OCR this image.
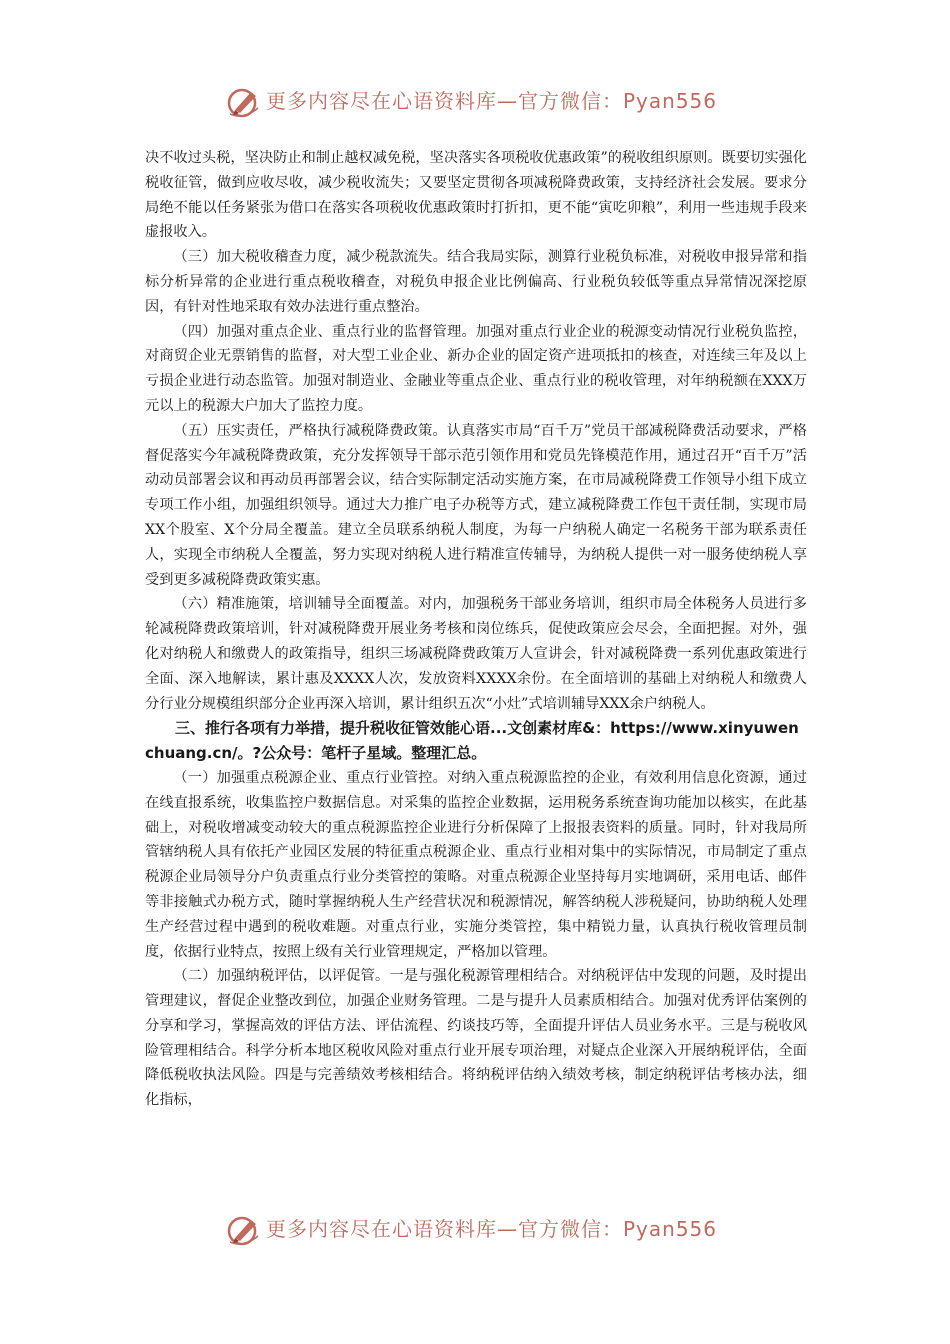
更多内容尽在心语资料库—官方微信：Pyan556

决不收过头税，坚决防止和制止越权减免税，坚决落实各项税收优惠政策”的税收组织原则。既要切实强化税收征管，做到应收尽收，减少税收流失；又要坚定贯彻各项减税降费政策，支持经济社会发展。要求分局绝不能以任务紧张为借口在落实各项税收优惠政策时打折扣，更不能“寅吃卯粮”，利用一些违规手段来虚报收入。

（三）加大税收稽查力度，减少税款流失。结合我局实际，测算行业税负标准，对税收申报异常和指标分析异常的企业进行重点税收稽查，对税负申报企业比例偏高、行业税负较低等重点异常情况深挖原因，有针对性地采取有效办法进行重点整治。

（四）加强对重点企业、重点行业的监督管理。加强对重点行业企业的税源变动情况行业税负监控，对商贸企业无票销售的监督，对大型工业企业、新办企业的固定资产进项抵扣的核查，对连续三年及以上亏损企业进行动态监管。加强对制造业、金融业等重点企业、重点行业的税收管理，对年纳税额在XXX万元以上的税源大户加大了监控力度。

（五）压实责任，严格执行减税降费政策。认真落实市局“百千万”党员干部减税降费活动要求，严格督促落实今年减税降费政策，充分发挥领导干部示范引领作用和党员先锋模范作用，通过召开“百千万”活动动员部署会议和再动员再部署会议，结合实际制定活动实施方案，在市局减税降费工作领导小组下成立专项工作小组，加强组织领导。通过大力推广电子办税等方式，建立减税降费工作包干责任制，实现市局XX个股室、X个分局全覆盖。建立全员联系纳税人制度，为每一户纳税人确定一名税务干部为联系责任人，实现全市纳税人全覆盖，努力实现对纳税人进行精准宣传辅导，为纳税人提供一对一服务使纳税人享受到更多减税降费政策实惠。

（六）精准施策，培训辅导全面覆盖。对内，加强税务干部业务培训，组织市局全体税务人员进行多轮减税降费政策培训，针对减税降费开展业务考核和岗位练兵，促使政策应会尽会，全面把握。对外，强化对纳税人和缴费人的政策指导，组织三场减税降费政策万人宣讲会，针对减税降费一系列优惠政策进行全面、深入地解读，累计惠及XXXX人次，发放资料XXXX余份。在全面培训的基础上对纳税人和缴费人分行业分规模组织部分企业再深入培训，累计组织五次“小灶”式培训辅导XXX余户纳税人。

三、推行各项有力举措，提升税收征管效能心语...文创素材库&：https://www.xinyuwenchuang.cn/。?公众号：笔杆子星域。整理汇总。

（一）加强重点税源企业、重点行业管控。对纳入重点税源监控的企业，有效利用信息化资源，通过在线直报系统，收集监控户数据信息。对采集的监控企业数据，运用税务系统查询功能加以核实，在此基础上，对税收增减变动较大的重点税源监控企业进行分析保障了上报报表资料的质量。同时，针对我局所管辖纳税人具有依托产业园区发展的特征重点税源企业、重点行业相对集中的实际情况，市局制定了重点税源企业局领导分户负责重点行业分类管控的策略。对重点税源企业坚持每月实地调研，采用电话、邮件等非接触式办税方式，随时掌握纳税人生产经营状况和税源情况，解答纳税人涉税疑问，协助纳税人处理生产经营过程中遇到的税收难题。对重点行业，实施分类管控，集中精锐力量，认真执行税收管理员制度，依据行业特点，按照上级有关行业管理规定，严格加以管理。

（二）加强纳税评估，以评促管。一是与强化税源管理相结合。对纳税评估中发现的问题，及时提出管理建议，督促企业整改到位，加强企业财务管理。二是与提升人员素质相结合。加强对优秀评估案例的分享和学习，掌握高效的评估方法、评估流程、约谈技巧等，全面提升评估人员业务水平。三是与税收风险管理相结合。科学分析本地区税收风险对重点行业开展专项治理，对疑点企业深入开展纳税评估，全面降低税收执法风险。四是与完善绩效考核相结合。将纳税评估纳入绩效考核，制定纳税评估考核办法，细化指标，

更多内容尽在心语资料库—官方微信：Pyan556
